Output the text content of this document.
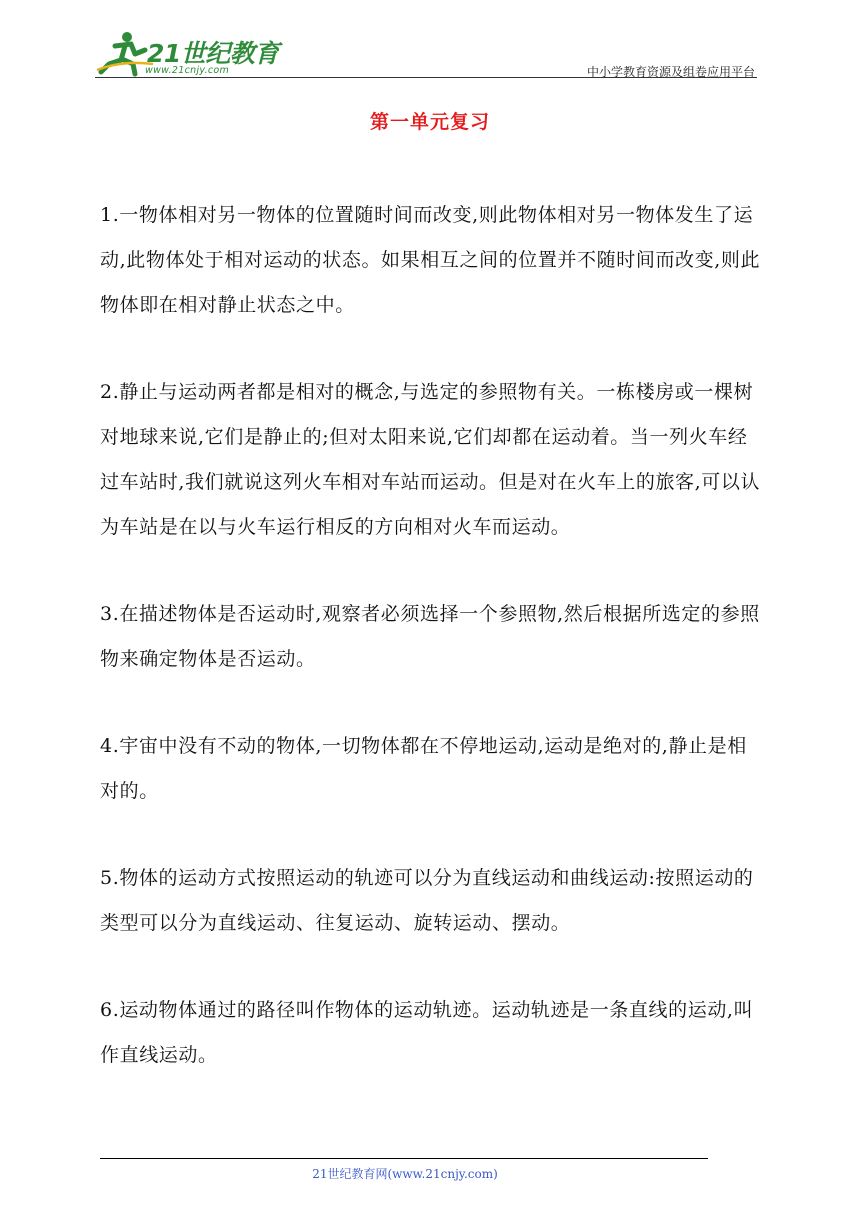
21世纪教育
www.21cnjy.com	中小学教育资源及组卷应用平台
第一单元复习

1.一物体相对另一物体的位置随时间而改变,则此物体相对另一物体发生了运动,此物体处于相对运动的状态。如果相互之间的位置并不随时间而改变,则此物体即在相对静止状态之中。

2.静止与运动两者都是相对的概念,与选定的参照物有关。一栋楼房或一棵树对地球来说,它们是静止的;但对太阳来说,它们却都在运动着。当一列火车经过车站时,我们就说这列火车相对车站而运动。但是对在火车上的旅客,可以认为车站是在以与火车运行相反的方向相对火车而运动。

3.在描述物体是否运动时,观察者必须选择一个参照物,然后根据所选定的参照物来确定物体是否运动。

4.宇宙中没有不动的物体,一切物体都在不停地运动,运动是绝对的,静止是相对的。

5.物体的运动方式按照运动的轨迹可以分为直线运动和曲线运动:按照运动的类型可以分为直线运动、往复运动、旋转运动、摆动。

6.运动物体通过的路径叫作物体的运动轨迹。运动轨迹是一条直线的运动,叫作直线运动。

21世纪教育网(www.21cnjy.com)
